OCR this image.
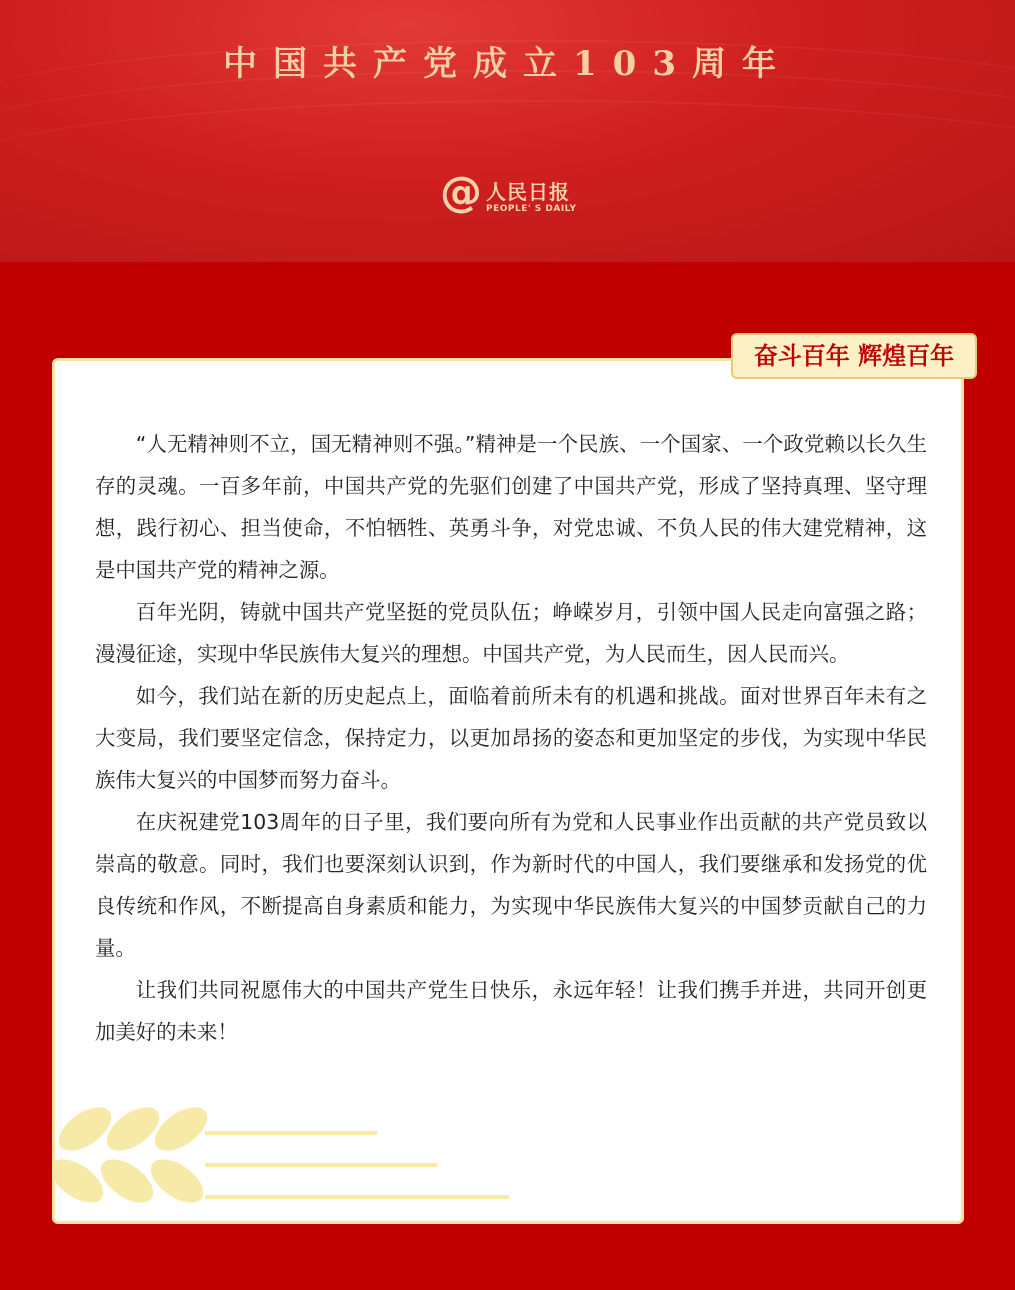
中国共产党成立103周年
@ 人民日报
PEOPLE' S DAILY

“人无精神则不立，国无精神则不强。”精神是一个民族、一个国家、一个政党赖以长久生存的灵魂。一百多年前，中国共产党的先驱们创建了中国共产党，形成了坚持真理、坚守理想，践行初心、担当使命，不怕牺牲、英勇斗争，对党忠诚、不负人民的伟大建党精神，这是中国共产党的精神之源。

百年光阴，铸就中国共产党坚挺的党员队伍；峥嵘岁月，引领中国人民走向富强之路；漫漫征途，实现中华民族伟大复兴的理想。中国共产党，为人民而生，因人民而兴。

如今，我们站在新的历史起点上，面临着前所未有的机遇和挑战。面对世界百年未有之大变局，我们要坚定信念，保持定力，以更加昂扬的姿态和更加坚定的步伐，为实现中华民族伟大复兴的中国梦而努力奋斗。

在庆祝建党103周年的日子里，我们要向所有为党和人民事业作出贡献的共产党员致以崇高的敬意。同时，我们也要深刻认识到，作为新时代的中国人，我们要继承和发扬党的优良传统和作风，不断提高自身素质和能力，为实现中华民族伟大复兴的中国梦贡献自己的力量。

让我们共同祝愿伟大的中国共产党生日快乐，永远年轻！让我们携手并进，共同开创更加美好的未来！

奋斗百年 辉煌百年
